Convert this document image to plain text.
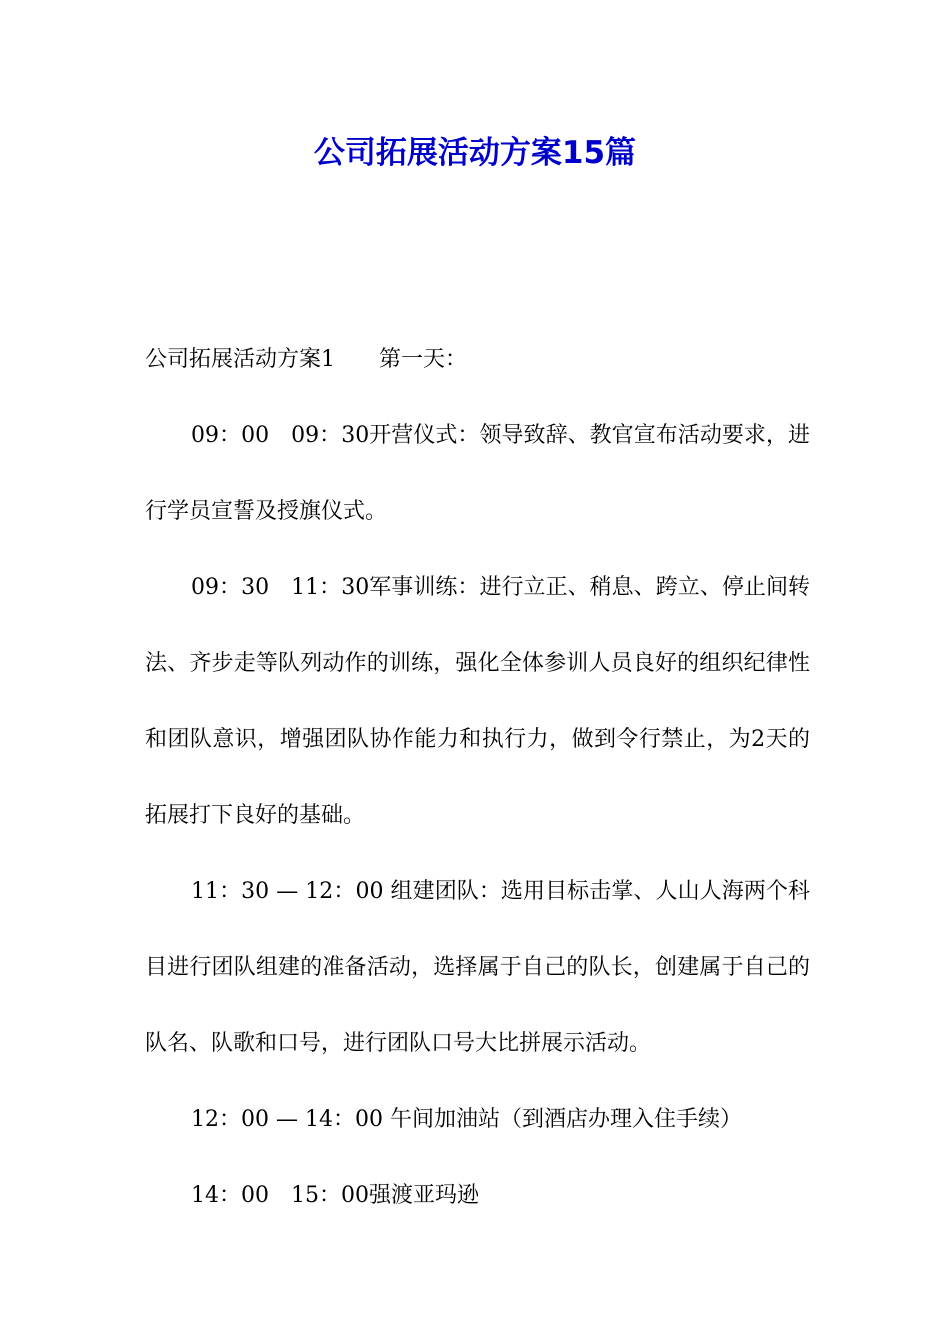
公司拓展活动方案15篇

公司拓展活动方案1 第一天：

09：00　09：30开营仪式：领导致辞、教官宣布活动要求，进行学员宣誓及授旗仪式。

09：30　11：30军事训练：进行立正、稍息、跨立、停止间转法、齐步走等队列动作的训练，强化全体参训人员良好的组织纪律性和团队意识，增强团队协作能力和执行力，做到令行禁止，为2天的拓展打下良好的基础。

11：30 — 12：00 组建团队：选用目标击掌、人山人海两个科目进行团队组建的准备活动，选择属于自己的队长，创建属于自己的队名、队歌和口号，进行团队口号大比拼展示活动。

12：00 — 14：00 午间加油站（到酒店办理入住手续）

14：00　15：00强渡亚玛逊
